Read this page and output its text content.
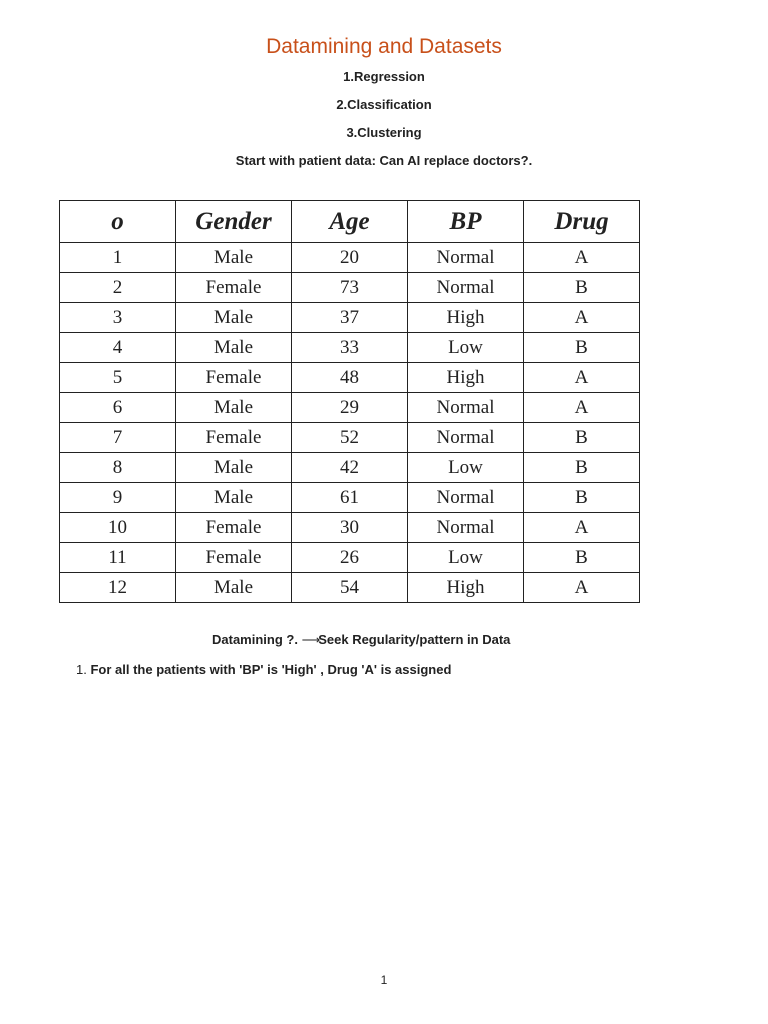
Datamining and Datasets
1.Regression
2.Classification
3.Clustering
Start with patient data: Can AI replace doctors?.
o	Gender	Age	BP	Drug
1	Male	20	Normal	A
2	Female	73	Normal	B
3	Male	37	High	A
4	Male	33	Low	B
5	Female	48	High	A
6	Male	29	Normal	A
7	Female	52	Normal	B
8	Male	42	Low	B
9	Male	61	Normal	B
10	Female	30	Normal	A
11	Female	26	Low	B
12	Male	54	High	A
Datamining ?. ⟶Seek Regularity/pattern in Data
1. For all the patients with 'BP' is 'High' , Drug 'A' is assigned
1
